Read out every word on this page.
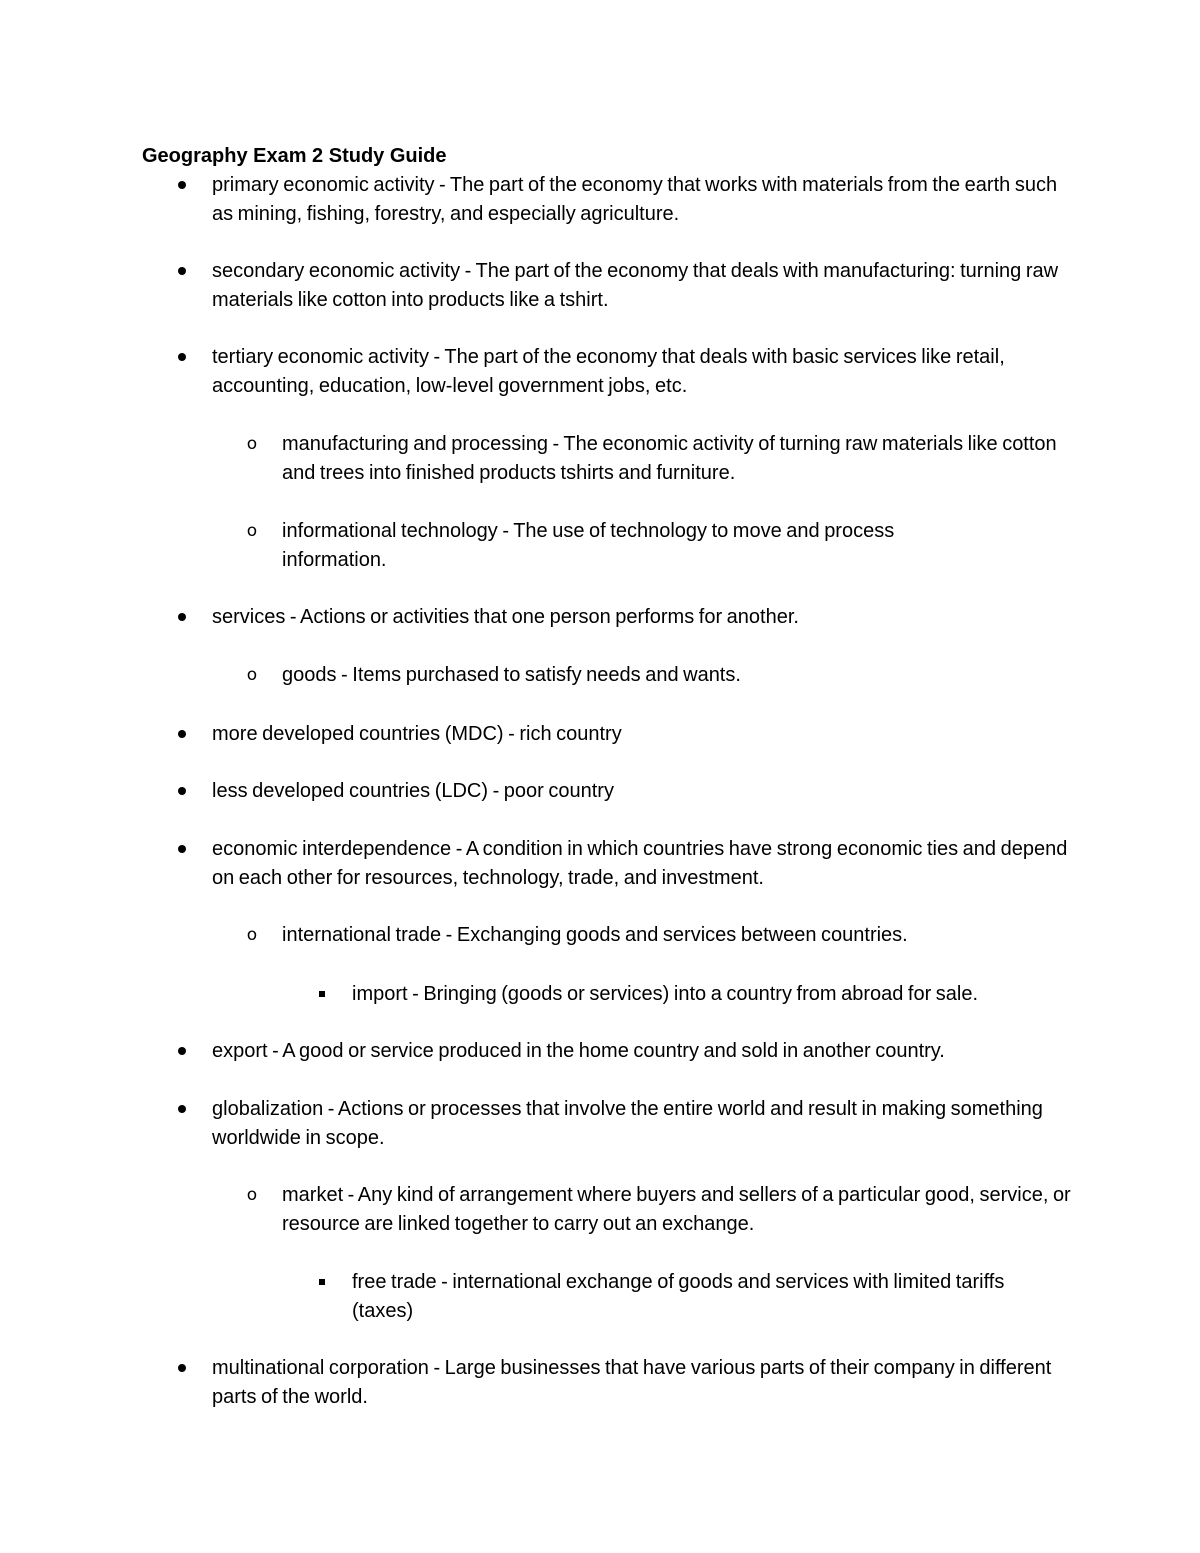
Geography Exam 2 Study Guide
primary economic activity - The part of the economy that works with materials from the earth such as mining, fishing, forestry, and especially agriculture.
secondary economic activity - The part of the economy that deals with manufacturing: turning raw materials like cotton into products like a tshirt.
tertiary economic activity - The part of the economy that deals with basic services like retail, accounting, education, low-level government jobs, etc.
o manufacturing and processing - The economic activity of turning raw materials like cotton and trees into finished products tshirts and furniture.
o informational technology - The use of technology to move and process information.
services - Actions or activities that one person performs for another.
o goods - Items purchased to satisfy needs and wants.
more developed countries (MDC) - rich country
less developed countries (LDC) - poor country
economic interdependence - A condition in which countries have strong economic ties and depend on each other for resources, technology, trade, and investment.
o international trade - Exchanging goods and services between countries.
import - Bringing (goods or services) into a country from abroad for sale.
export - A good or service produced in the home country and sold in another country.
globalization - Actions or processes that involve the entire world and result in making something worldwide in scope.
o market - Any kind of arrangement where buyers and sellers of a particular good, service, or resource are linked together to carry out an exchange.
free trade - international exchange of goods and services with limited tariffs (taxes)
multinational corporation - Large businesses that have various parts of their company in different parts of the world.
